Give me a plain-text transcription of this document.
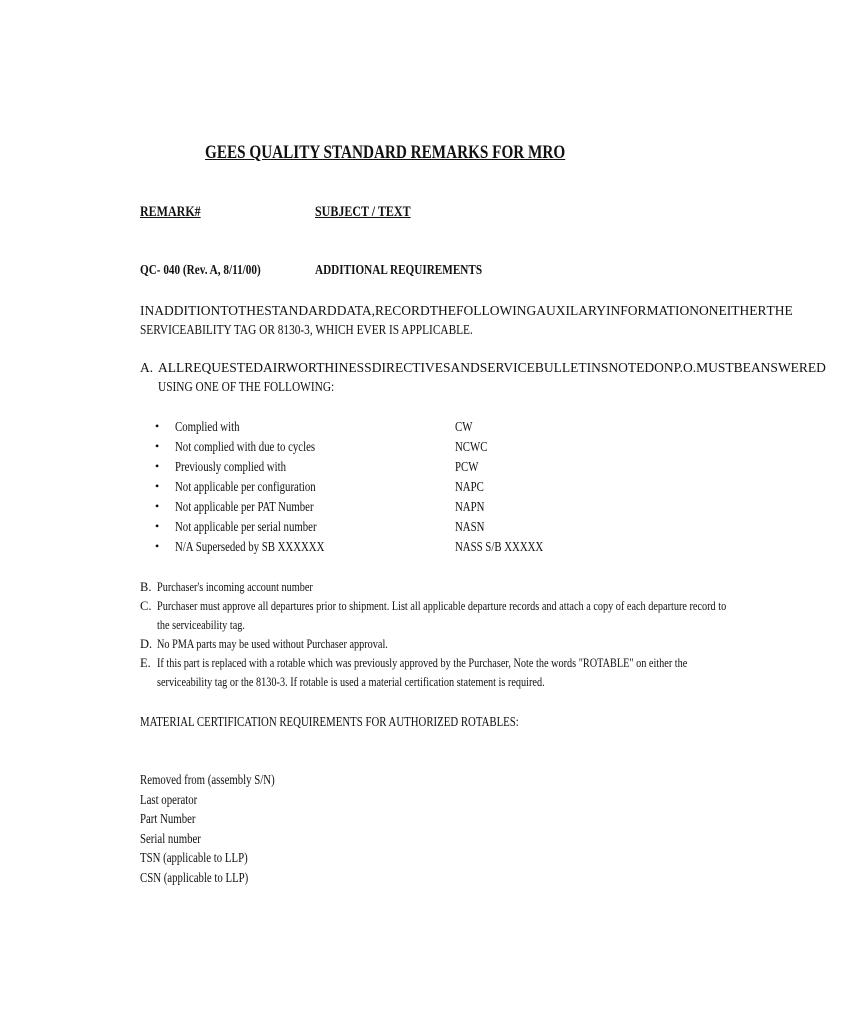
GEES QUALITY STANDARD REMARKS FOR MRO
REMARK#	SUBJECT / TEXT
QC- 040 (Rev. A, 8/11/00)	ADDITIONAL REQUIREMENTS
INADDITIONTOTHESTANDARDDATA,RECORDTHEFOLLOWINGAUXILARYINFORMATIONONEITHERTHE
SERVICEABILITY TAG OR 8130-3, WHICH EVER IS APPLICABLE.
A. ALLREQUESTEDAIRWORTHINESSDIRECTIVESANDSERVICEBULLETINSNOTEDONP.O.MUSTBEANSWERED
USING ONE OF THE FOLLOWING:
• Complied with	CW
• Not complied with due to cycles	NCWC
• Previously complied with	PCW
• Not applicable per configuration	NAPC
• Not applicable per PAT Number	NAPN
• Not applicable per serial number	NASN
• N/A Superseded by SB XXXXXX	NASS S/B XXXXX
B. Purchaser's incoming account number
C. Purchaser must approve all departures prior to shipment. List all applicable departure records and attach a copy of each departure record to
the serviceability tag.
D. No PMA parts may be used without Purchaser approval.
E. If this part is replaced with a rotable which was previously approved by the Purchaser, Note the words "ROTABLE" on either the
serviceability tag or the 8130-3. If rotable is used a material certification statement is required.
MATERIAL CERTIFICATION REQUIREMENTS FOR AUTHORIZED ROTABLES:
Removed from (assembly S/N)
Last operator
Part Number
Serial number
TSN (applicable to LLP)
CSN (applicable to LLP)
